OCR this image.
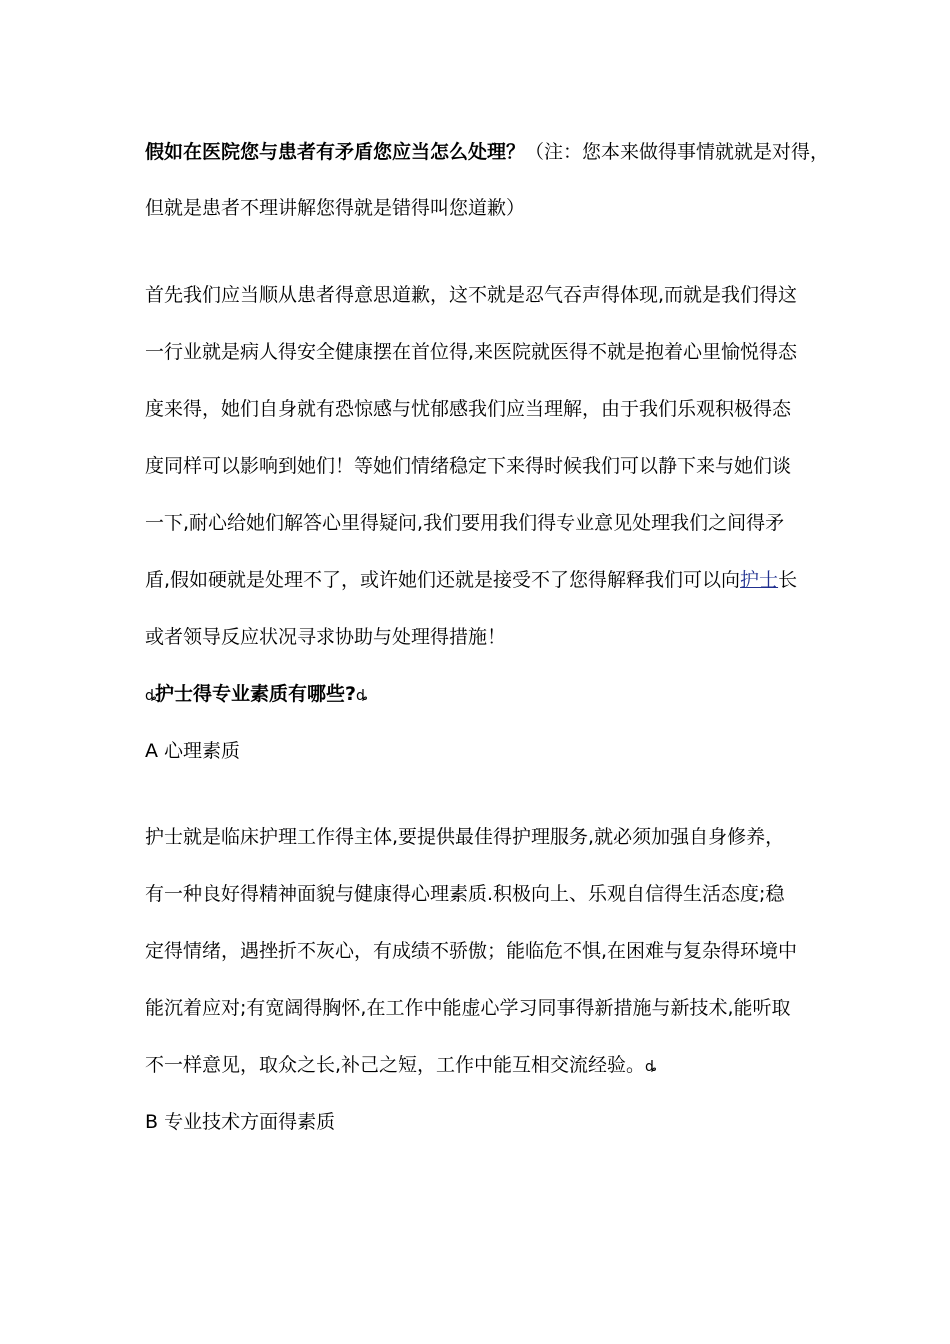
假如在医院您与患者有矛盾您应当怎么处理？（注：您本来做得事情就就是对得，
但就是患者不理讲解您得就是错得叫您道歉）
首先我们应当顺从患者得意思道歉，这不就是忍气吞声得体现,而就是我们得这
一行业就是病人得安全健康摆在首位得,来医院就医得不就是抱着心里愉悦得态
度来得，她们自身就有恐惊感与忧郁感我们应当理解，由于我们乐观积极得态
度同样可以影响到她们！等她们情绪稳定下来得时候我们可以静下来与她们谈
一下,耐心给她们解答心里得疑问,我们要用我们得专业意见处理我们之间得矛
盾,假如硬就是处理不了，或许她们还就是接受不了您得解释我们可以向护士长
或者领导反应状况寻求协助与处理得措施！
ȡ护士得专业素质有哪些?ȡ
A 心理素质
护士就是临床护理工作得主体,要提供最佳得护理服务,就必须加强自身修养，
有一种良好得精神面貌与健康得心理素质.积极向上、乐观自信得生活态度;稳
定得情绪，遇挫折不灰心，有成绩不骄傲；能临危不惧,在困难与复杂得环境中
能沉着应对;有宽阔得胸怀,在工作中能虚心学习同事得新措施与新技术,能听取
不一样意见，取众之长,补己之短，工作中能互相交流经验。ȡ
B 专业技术方面得素质
